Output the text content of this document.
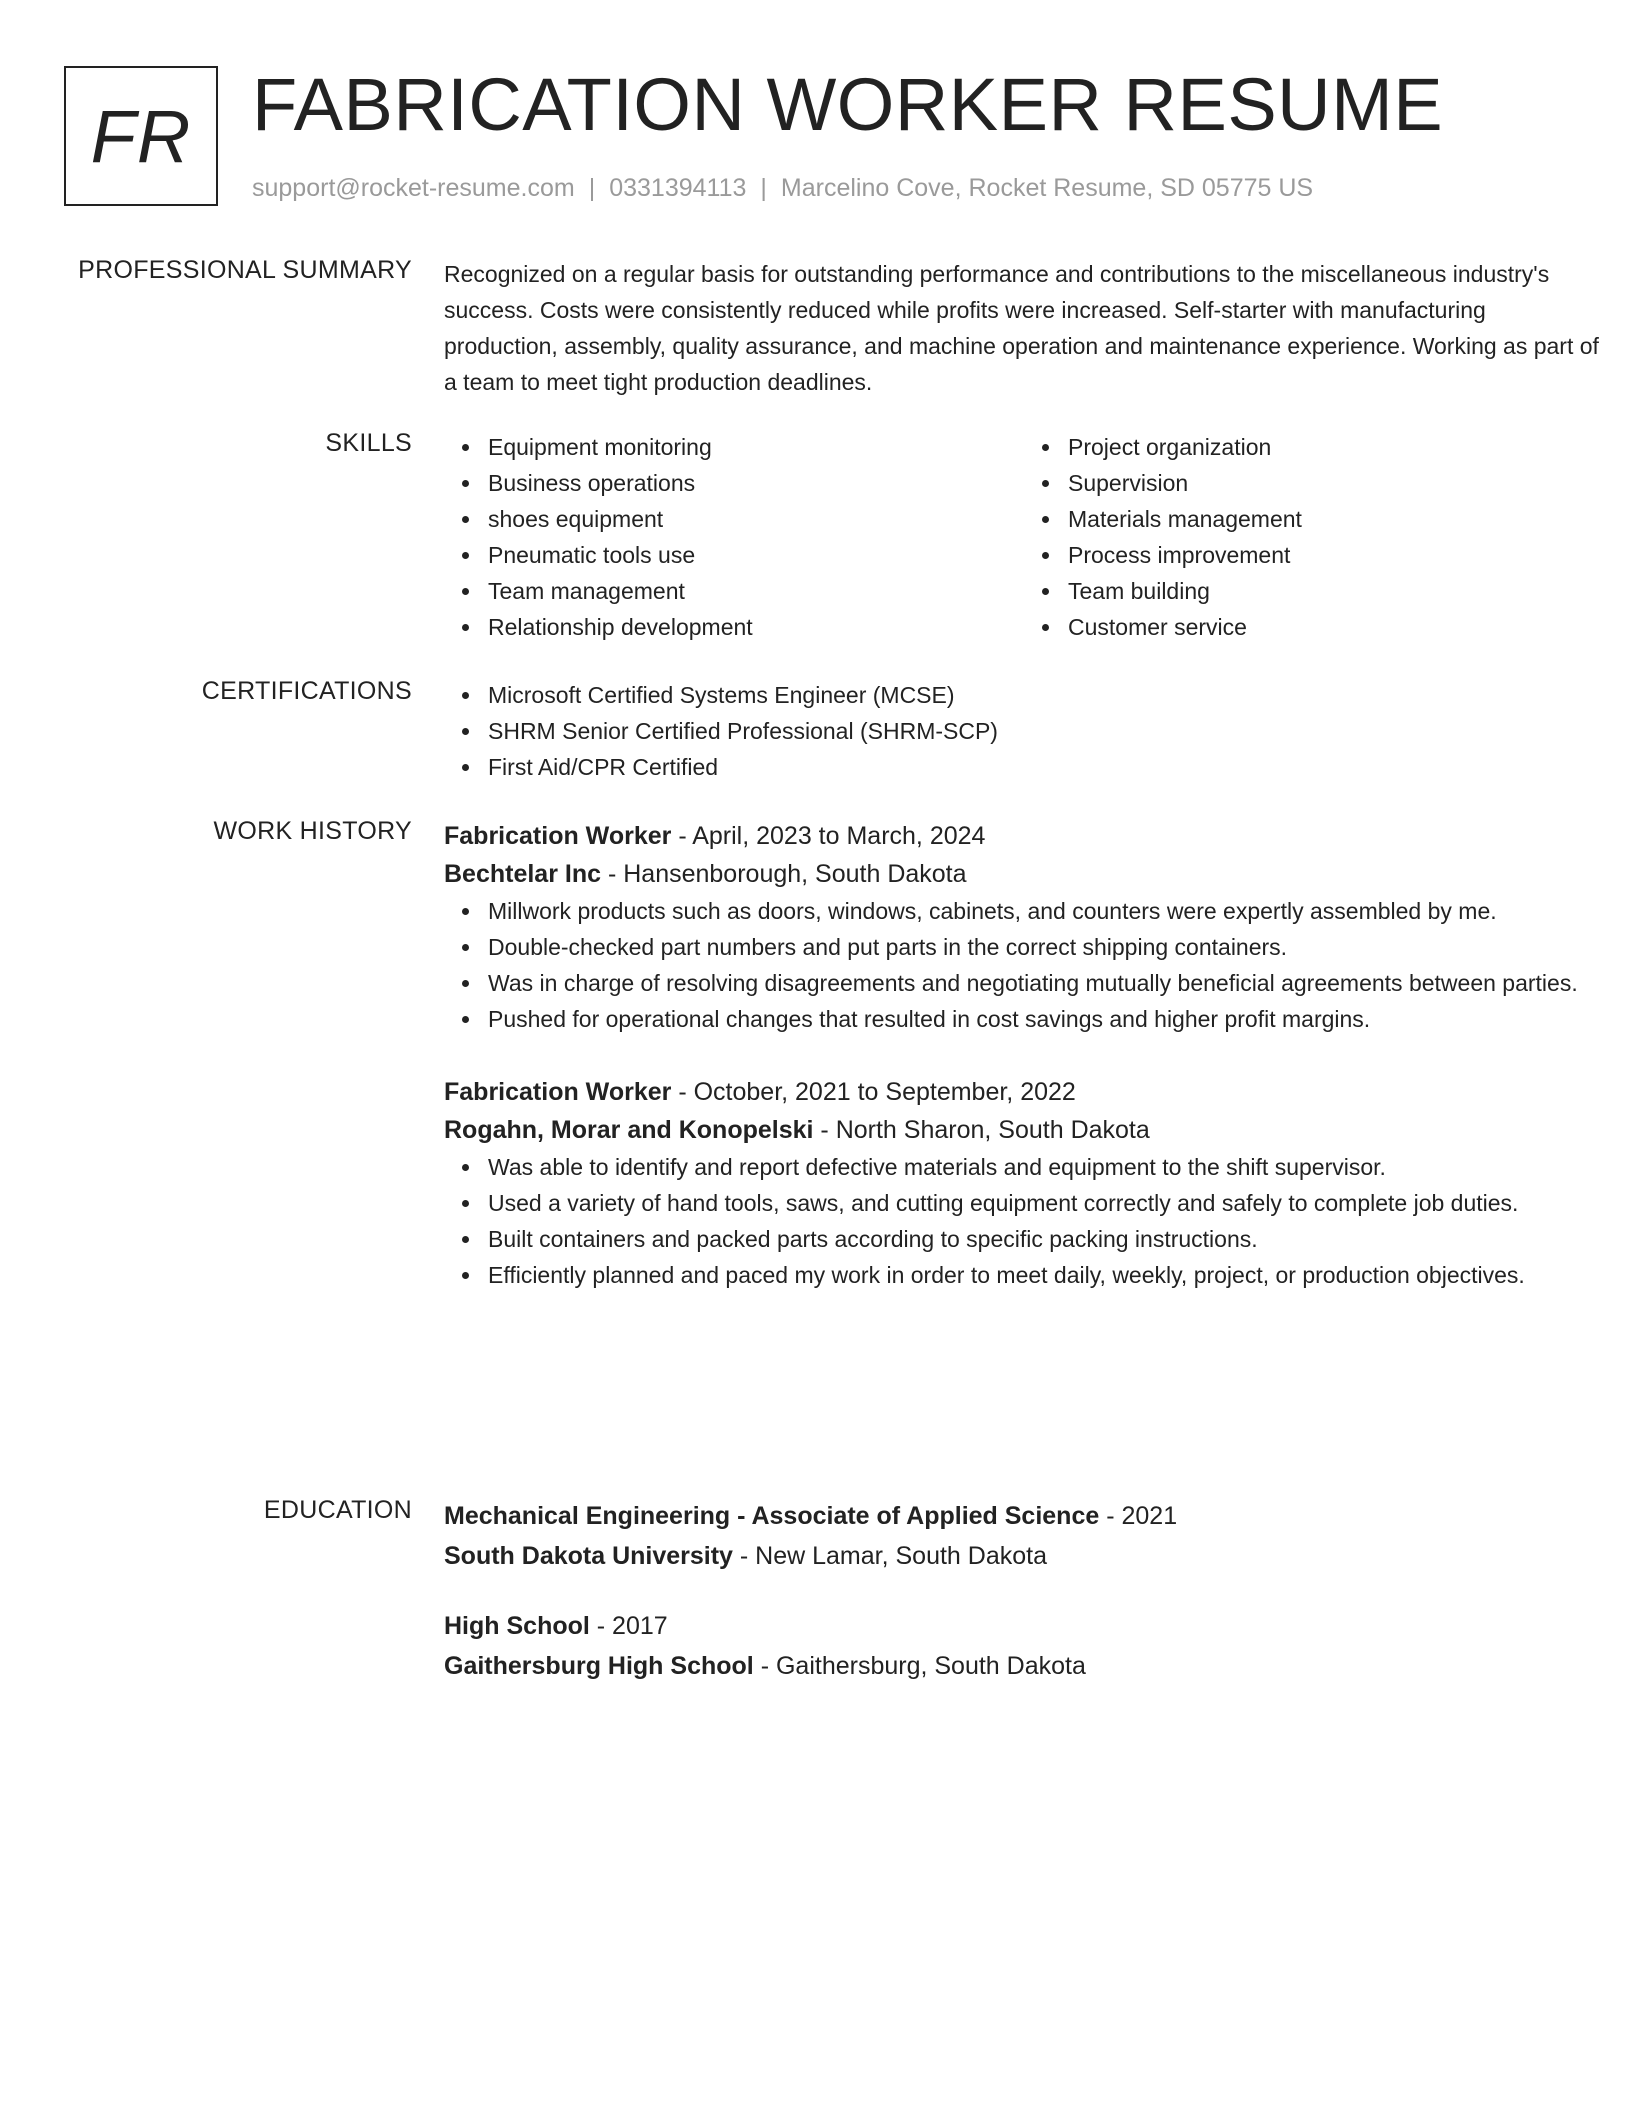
FR FABRICATION WORKER RESUME
support@rocket-resume.com | 0331394113 | Marcelino Cove, Rocket Resume, SD 05775 US
PROFESSIONAL SUMMARY Recognized on a regular basis for outstanding performance and contributions to the miscellaneous industry's success. Costs were consistently reduced while profits were increased. Self-starter with manufacturing production, assembly, quality assurance, and machine operation and maintenance experience. Working as part of a team to meet tight production deadlines.

SKILLS	Equipment monitoring
Business operations
shoes equipment
Pneumatic tools use
Team management
Relationship development
Project organization
Supervision
Materials management
Process improvement
Team building
Customer service
CERTIFICATIONS	Microsoft Certified Systems Engineer (MCSE)
SHRM Senior Certified Professional (SHRM-SCP)
First Aid/CPR Certified
WORK HISTORY Fabrication Worker - April, 2023 to March, 2024
Bechtelar Inc - Hansenborough, South Dakota
Millwork products such as doors, windows, cabinets, and counters were expertly assembled by me.
Double-checked part numbers and put parts in the correct shipping containers.
Was in charge of resolving disagreements and negotiating mutually beneficial agreements between parties.
Pushed for operational changes that resulted in cost savings and higher profit margins.
Fabrication Worker - October, 2021 to September, 2022
Rogahn, Morar and Konopelski - North Sharon, South Dakota
Was able to identify and report defective materials and equipment to the shift supervisor.
Used a variety of hand tools, saws, and cutting equipment correctly and safely to complete job duties.
Built containers and packed parts according to specific packing instructions.
Efficiently planned and paced my work in order to meet daily, weekly, project, or production objectives.
EDUCATION Mechanical Engineering - Associate of Applied Science - 2021
South Dakota University - New Lamar, South Dakota
High School - 2017
Gaithersburg High School - Gaithersburg, South Dakota
